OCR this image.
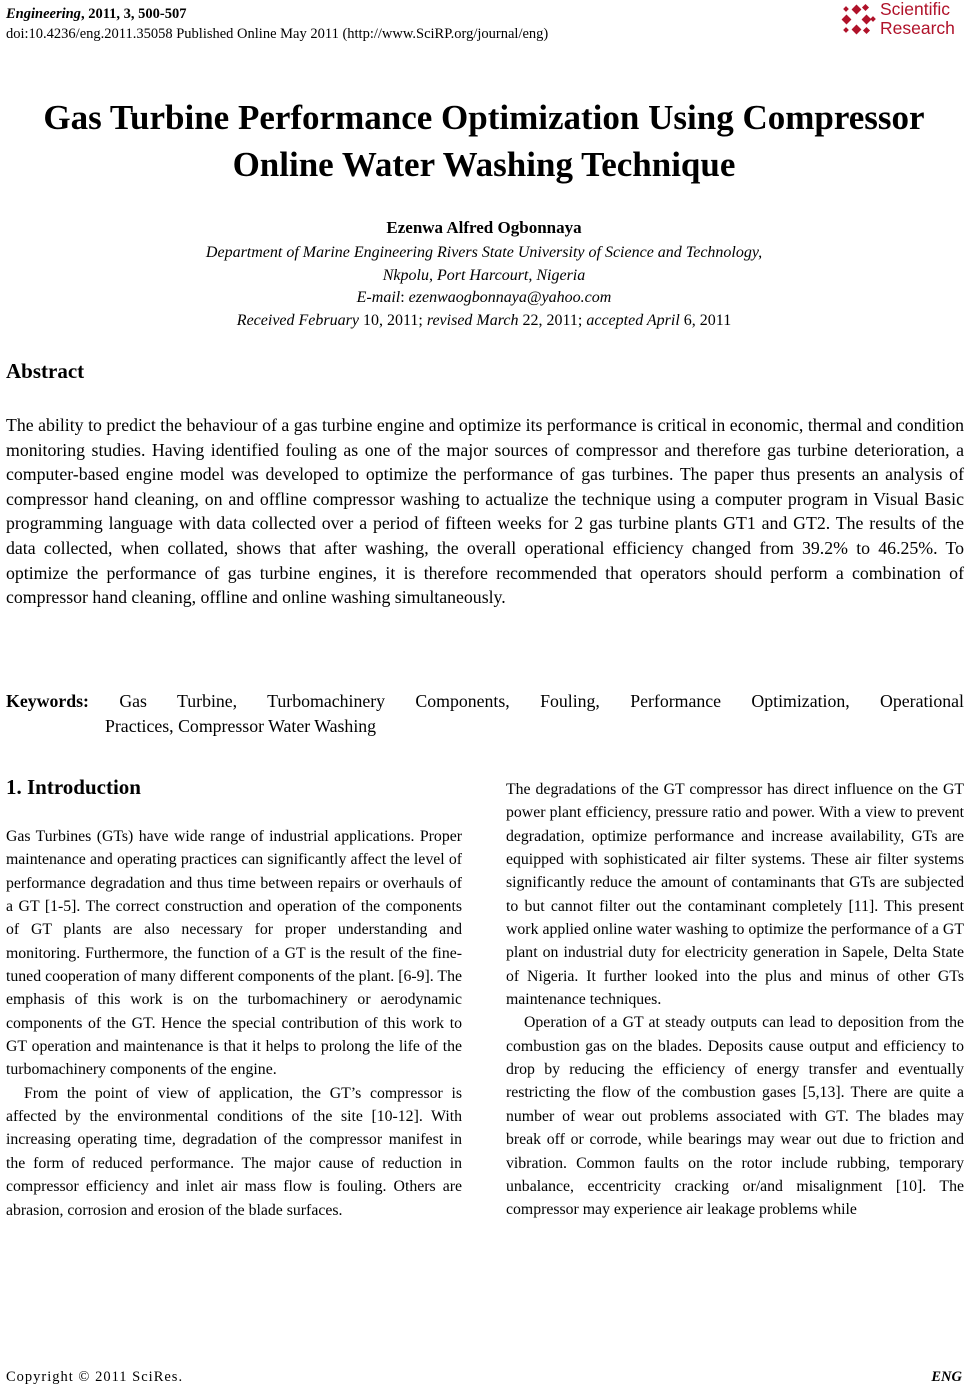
Engineering, 2011, 3, 500-507
doi:10.4236/eng.2011.35058 Published Online May 2011 (http://www.SciRP.org/journal/eng)
Scientific
Research
Gas Turbine Performance Optimization Using Compressor
Online Water Washing Technique
Ezenwa Alfred Ogbonnaya
Department of Marine Engineering Rivers State University of Science and Technology,
Nkpolu, Port Harcourt, Nigeria
E-mail: ezenwaogbonnaya@yahoo.com
Received February 10, 2011; revised March 22, 2011; accepted April 6, 2011
Abstract
The ability to predict the behaviour of a gas turbine engine and optimize its performance is critical in economic, thermal and condition monitoring studies. Having identified fouling as one of the major sources of compressor and therefore gas turbine deterioration, a computer-based engine model was developed to optimize the performance of gas turbines. The paper thus presents an analysis of compressor hand cleaning, on and offline compressor washing to actualize the technique using a computer program in Visual Basic programming language with data collected over a period of fifteen weeks for 2 gas turbine plants GT1 and GT2. The results of the data collected, when collated, shows that after washing, the overall operational efficiency changed from 39.2% to 46.25%. To optimize the performance of gas turbine engines, it is therefore recommended that operators should perform a combination of compressor hand cleaning, offline and online washing simultaneously.
Keywords: Gas Turbine, Turbomachinery Components, Fouling, Performance Optimization, Operational
Practices, Compressor Water Washing
1. Introduction

Gas Turbines (GTs) have wide range of industrial applications. Proper maintenance and operating practices can significantly affect the level of performance degradation and thus time between repairs or overhauls of a GT [1-5]. The correct construction and operation of the components of GT plants are also necessary for proper understanding and monitoring. Furthermore, the function of a GT is the result of the fine-tuned cooperation of many different components of the plant. [6-9]. The emphasis of this work is on the turbomachinery or aerodynamic components of the GT. Hence the special contribution of this work to GT operation and maintenance is that it helps to prolong the life of the turbomachinery components of the engine.

From the point of view of application, the GT’s compressor is affected by the environmental conditions of the site [10-12]. With increasing operating time, degradation of the compressor manifest in the form of reduced performance. The major cause of reduction in compressor efficiency and inlet air mass flow is fouling. Others are abrasion, corrosion and erosion of the blade surfaces.

The degradations of the GT compressor has direct influence on the GT power plant efficiency, pressure ratio and power. With a view to prevent degradation, optimize performance and increase availability, GTs are equipped with sophisticated air filter systems. These air filter systems significantly reduce the amount of contaminants that GTs are subjected to but cannot filter out the contaminant completely [11]. This present work applied online water washing to optimize the performance of a GT plant on industrial duty for electricity generation in Sapele, Delta State of Nigeria. It further looked into the plus and minus of other GTs maintenance techniques.

Operation of a GT at steady outputs can lead to deposition from the combustion gas on the blades. Deposits cause output and efficiency to drop by reducing the efficiency of energy transfer and eventually restricting the flow of the combustion gases [5,13]. There are quite a number of wear out problems associated with GT. The blades may break off or corrode, while bearings may wear out due to friction and vibration. Common faults on the rotor include rubbing, temporary unbalance, eccentricity cracking or/and misalignment [10]. The compressor may experience air leakage problems while

Copyright © 2011 SciRes.	ENG
